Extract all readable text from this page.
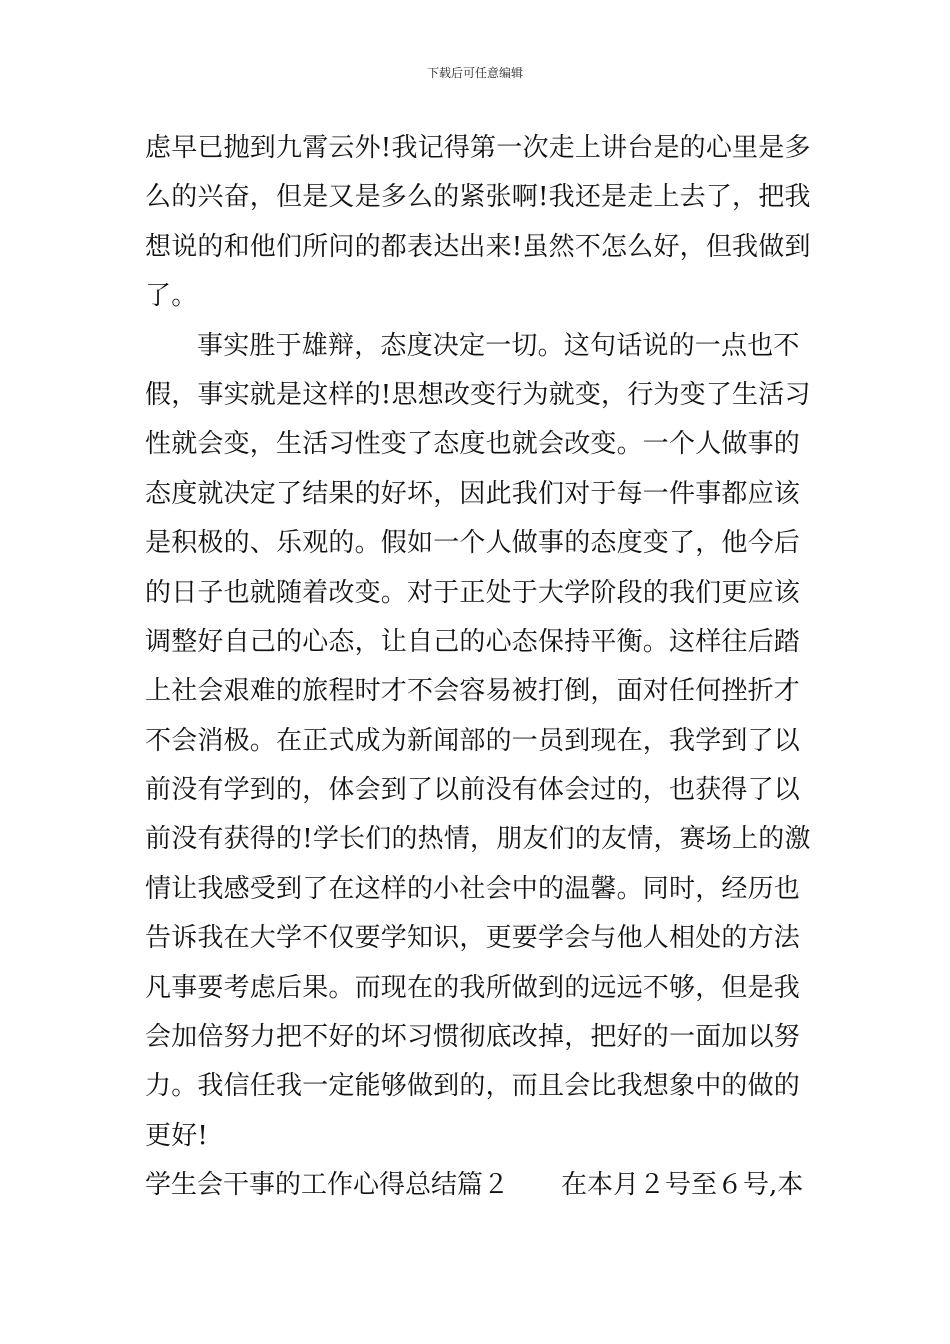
下载后可任意编辑
虑早已抛到九霄云外!我记得第一次走上讲台是的心里是多
么的兴奋，但是又是多么的紧张啊!我还是走上去了，把我
想说的和他们所问的都表达出来!虽然不怎么好，但我做到
了。
事实胜于雄辩，态度决定一切。这句话说的一点也不
假，事实就是这样的!思想改变行为就变，行为变了生活习
性就会变，生活习性变了态度也就会改变。一个人做事的
态度就决定了结果的好坏，因此我们对于每一件事都应该
是积极的、乐观的。假如一个人做事的态度变了，他今后
的日子也就随着改变。对于正处于大学阶段的我们更应该
调整好自己的心态，让自己的心态保持平衡。这样往后踏
上社会艰难的旅程时才不会容易被打倒，面对任何挫折才
不会消极。在正式成为新闻部的一员到现在，我学到了以
前没有学到的，体会到了以前没有体会过的，也获得了以
前没有获得的!学长们的热情，朋友们的友情，赛场上的激
情让我感受到了在这样的小社会中的温馨。同时，经历也
告诉我在大学不仅要学知识，更要学会与他人相处的方法
凡事要考虑后果。而现在的我所做到的远远不够，但是我
会加倍努力把不好的坏习惯彻底改掉，把好的一面加以努
力。我信任我一定能够做到的，而且会比我想象中的做的
更好!
学生会干事的工作心得总结篇２ 在本月２号至６号,本
